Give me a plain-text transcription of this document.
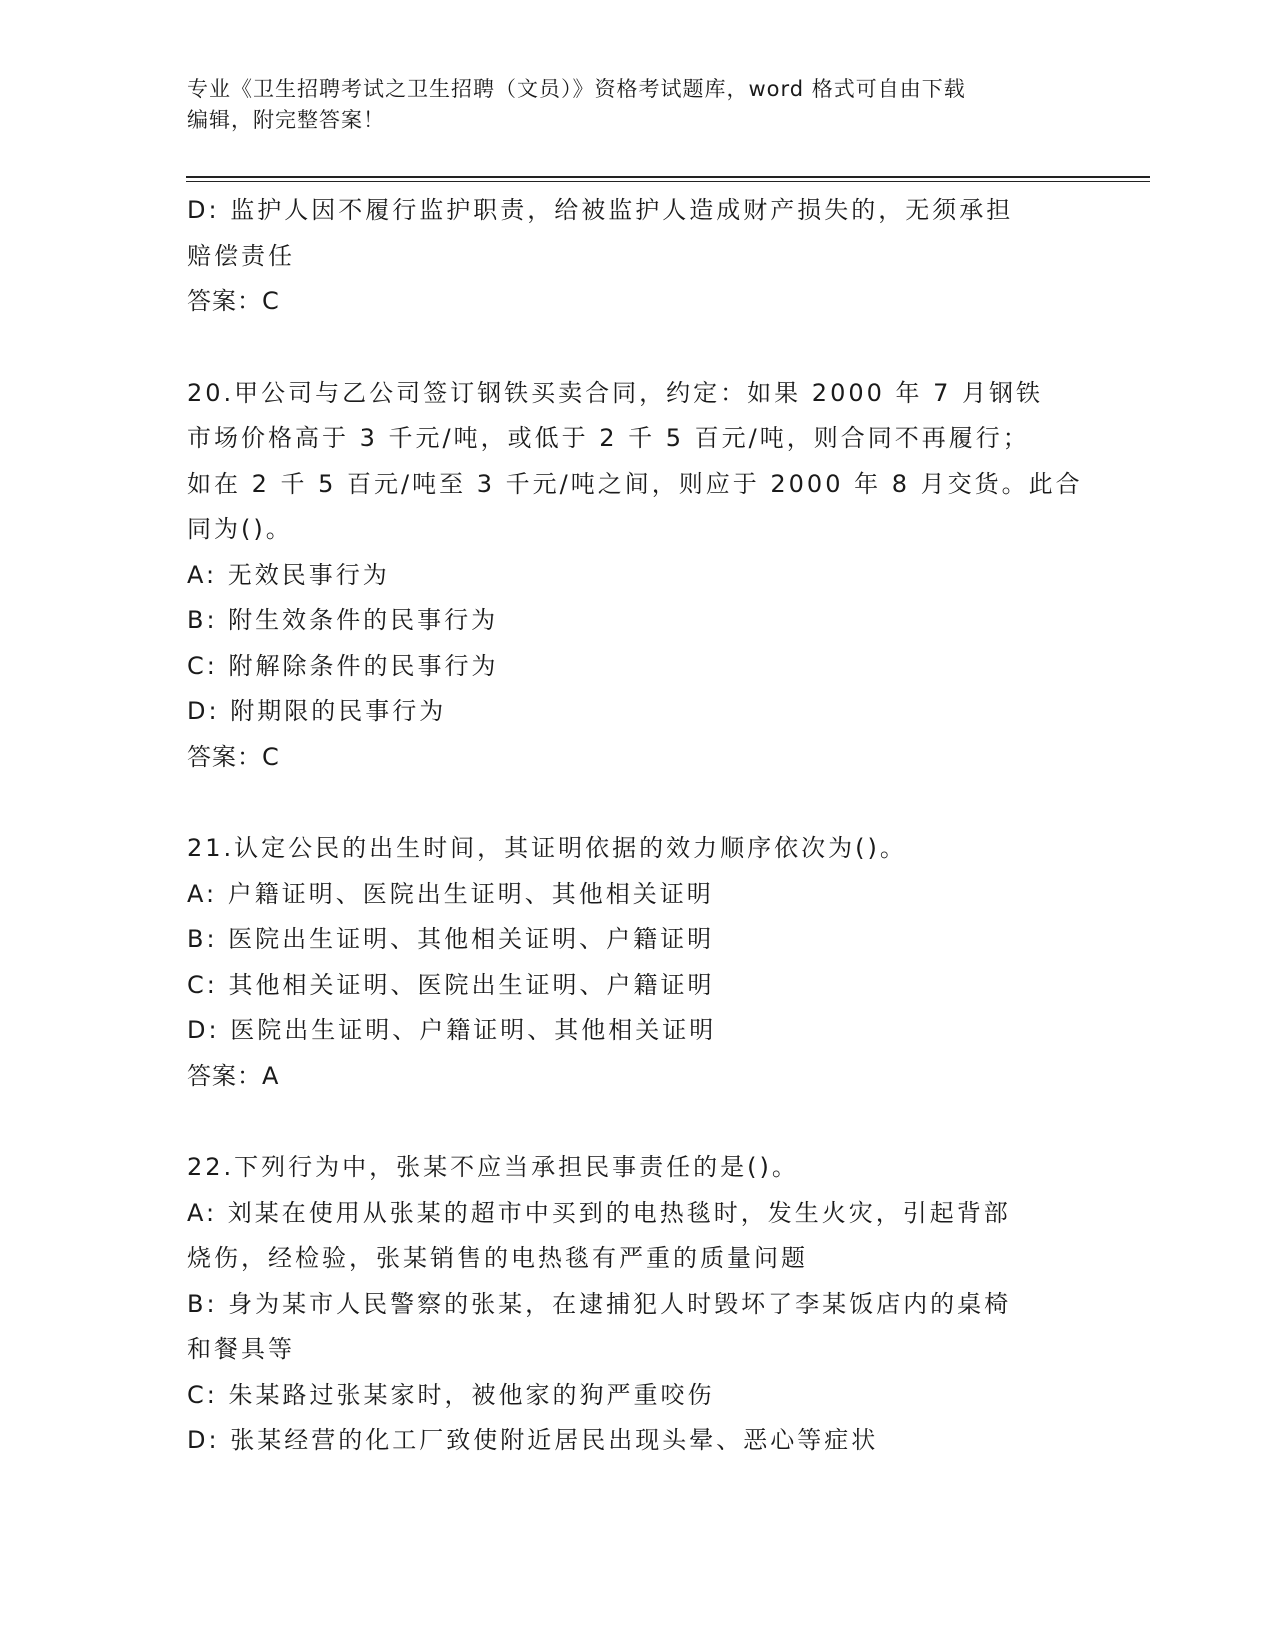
专业《卫生招聘考试之卫生招聘（文员）》资格考试题库，word 格式可自由下载
编辑，附完整答案！
D: 监护人因不履行监护职责，给被监护人造成财产损失的，无须承担
赔偿责任
答案：C
20.甲公司与乙公司签订钢铁买卖合同，约定：如果 2000 年 7 月钢铁
市场价格高于 3 千元/吨，或低于 2 千 5 百元/吨，则合同不再履行；
如在 2 千 5 百元/吨至 3 千元/吨之间，则应于 2000 年 8 月交货。此合
同为()。
A: 无效民事行为
B: 附生效条件的民事行为
C: 附解除条件的民事行为
D: 附期限的民事行为
答案：C
21.认定公民的出生时间，其证明依据的效力顺序依次为()。
A: 户籍证明、医院出生证明、其他相关证明
B: 医院出生证明、其他相关证明、户籍证明
C: 其他相关证明、医院出生证明、户籍证明
D: 医院出生证明、户籍证明、其他相关证明
答案：A
22.下列行为中，张某不应当承担民事责任的是()。
A: 刘某在使用从张某的超市中买到的电热毯时，发生火灾，引起背部
烧伤，经检验，张某销售的电热毯有严重的质量问题
B: 身为某市人民警察的张某，在逮捕犯人时毁坏了李某饭店内的桌椅
和餐具等
C: 朱某路过张某家时，被他家的狗严重咬伤
D: 张某经营的化工厂致使附近居民出现头晕、恶心等症状
